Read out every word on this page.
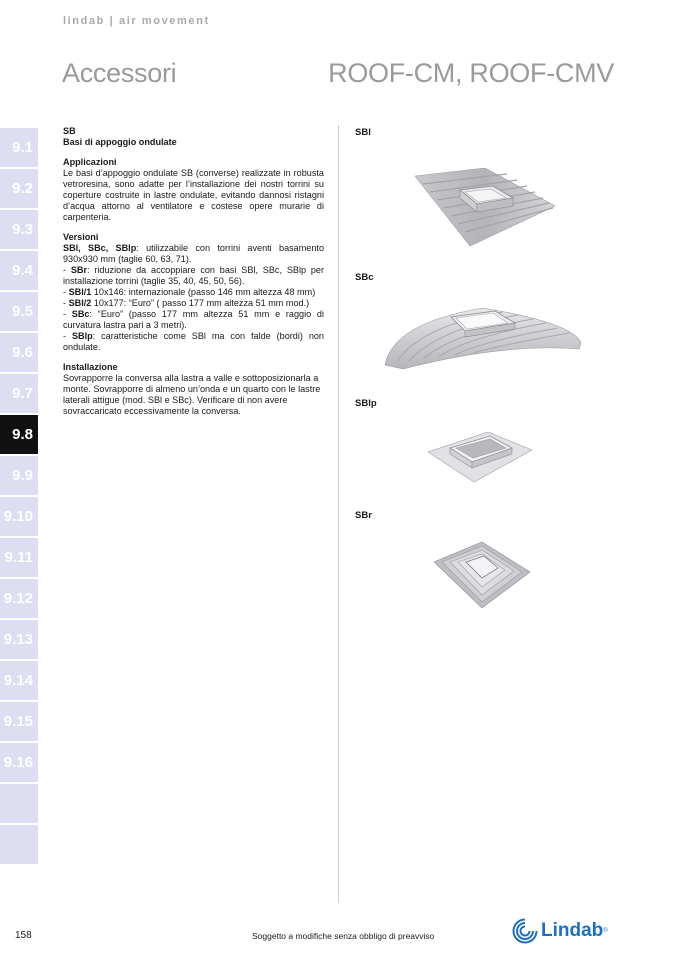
lindab | air movement
Accessori	ROOF-CM, ROOF-CMV
9.1
9.2
9.3
9.4
9.5
9.6
9.7
9.8
9.9
9.10
9.11
9.12
9.13
9.14
9.15
9.16

SB

Basi di appoggio ondulate

Applicazioni

Le basi d’appoggio ondulate SB (converse) realizzate in robusta vetroresina, sono adatte per l’installazione dei nostri torrini su coperture costruite in lastre ondulate, evitando dannosi ristagni d’acqua attorno al ventilatore e costese opere murarie di carpenteria.

Versioni

SBl, SBc, SBlp: utilizzabile con torrini aventi basamento 930x930 mm (taglie 60, 63, 71).

- SBr: riduzione da accoppiare con basi SBl, SBc, SBlp per installazione torrini (taglie 35, 40, 45, 50, 56).

- SBl/1 10x146: internazionale (passo 146 mm altezza 48 mm)

- SBl/2 10x177: “Euro” ( passo 177 mm altezza 51 mm mod.)

- SBc: “Euro” (passo 177 mm altezza 51 mm e raggio di curvatura lastra pari a 3 metri).

- SBlp: caratteristiche come SBl ma con falde (bordi) non ondulate.

Installazione

Sovrapporre la conversa alla lastra a valle e sottoposizionarla a monte. Sovrapporre di almeno un’onda e un quarto con le lastre laterali attigue (mod. SBl e SBc). Verificare di non avere sovraccaricato eccessivamente la conversa.

SBl
SBc
SBlp
SBr
158	Soggetto a modifiche senza obbligo di preavviso	Lindab ®
